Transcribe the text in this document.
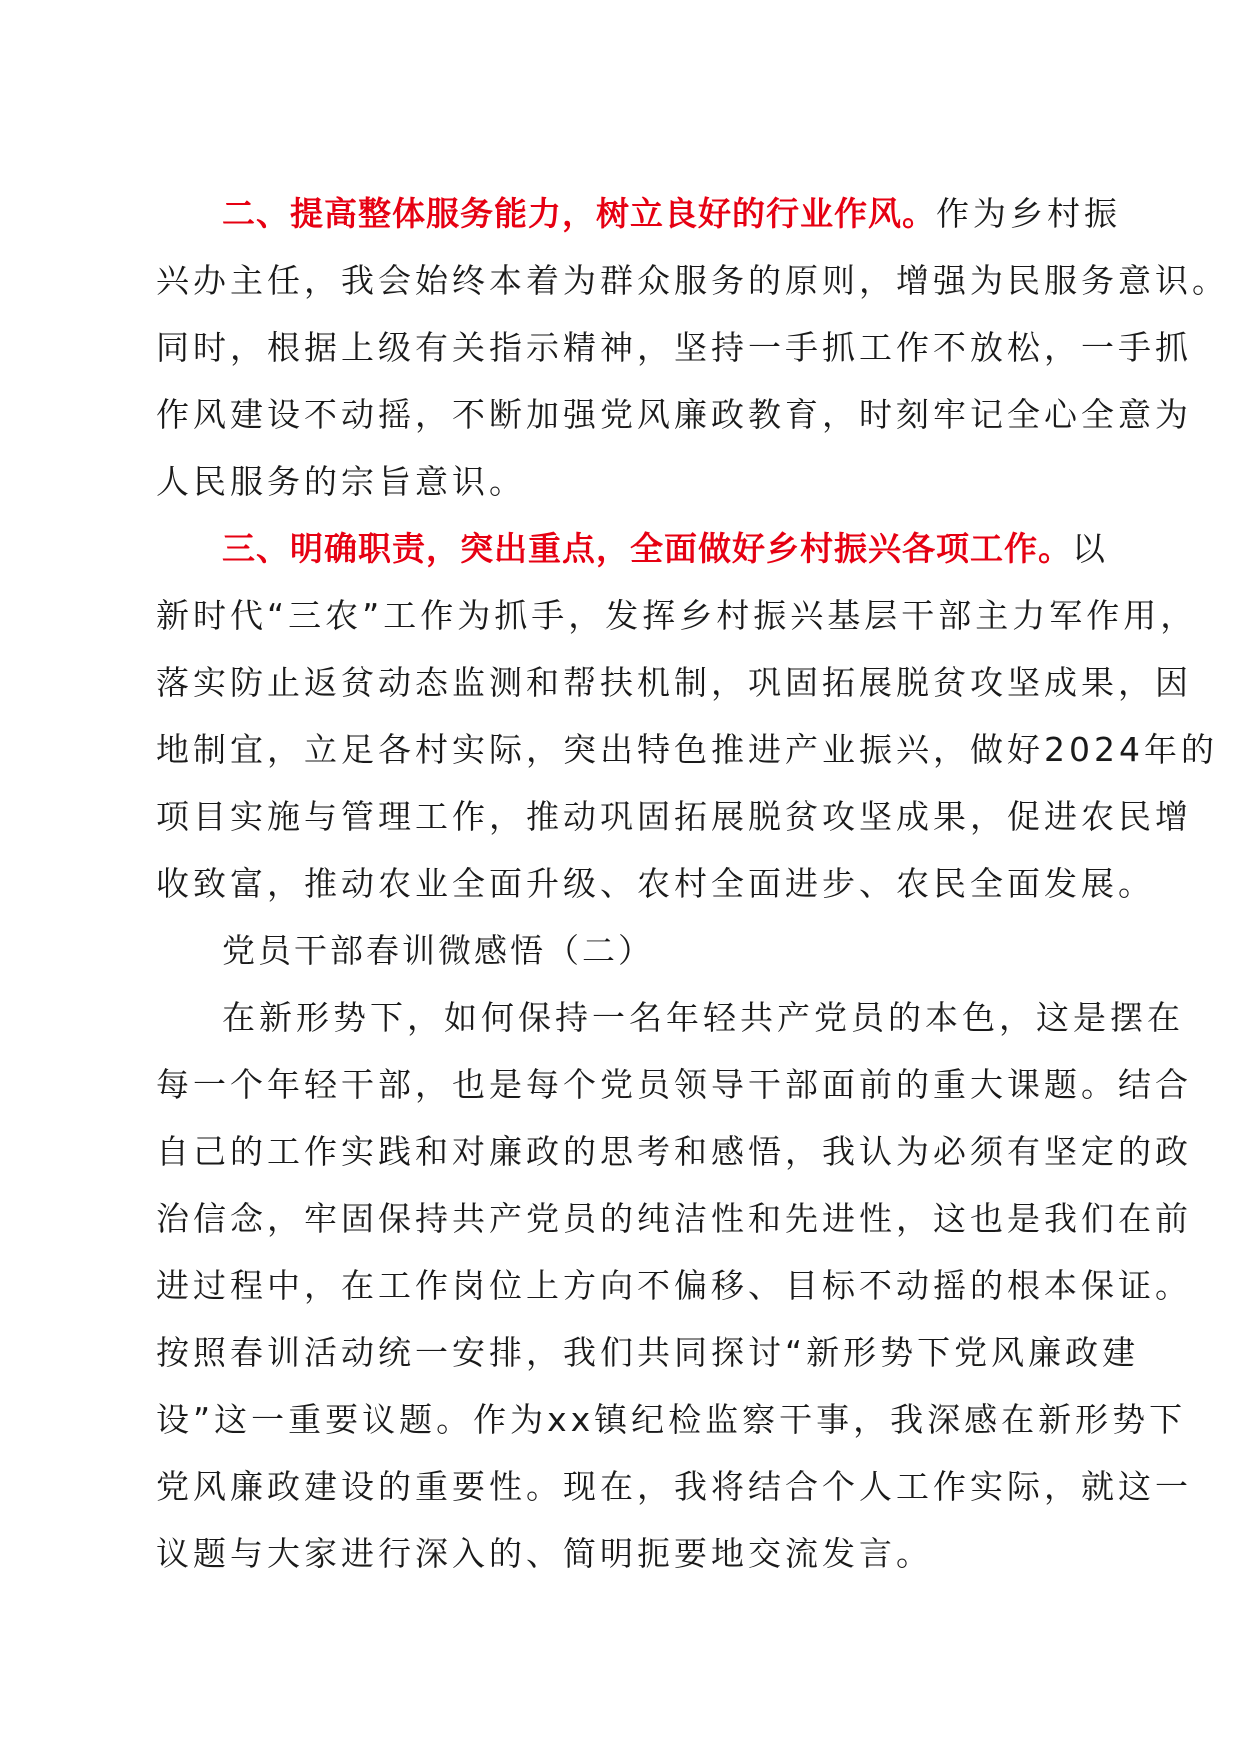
二、提高整体服务能力，树立良好的行业作风。作为乡村振
兴办主任，我会始终本着为群众服务的原则，增强为民服务意识。
同时，根据上级有关指示精神，坚持一手抓工作不放松，一手抓
作风建设不动摇，不断加强党风廉政教育，时刻牢记全心全意为
人民服务的宗旨意识。
三、明确职责，突出重点，全面做好乡村振兴各项工作。以
新时代“三农”工作为抓手，发挥乡村振兴基层干部主力军作用，
落实防止返贫动态监测和帮扶机制，巩固拓展脱贫攻坚成果，因
地制宜，立足各村实际，突出特色推进产业振兴，做好2024年的
项目实施与管理工作，推动巩固拓展脱贫攻坚成果，促进农民增
收致富，推动农业全面升级、农村全面进步、农民全面发展。
党员干部春训微感悟（二）
在新形势下，如何保持一名年轻共产党员的本色，这是摆在
每一个年轻干部，也是每个党员领导干部面前的重大课题。结合
自己的工作实践和对廉政的思考和感悟，我认为必须有坚定的政
治信念，牢固保持共产党员的纯洁性和先进性，这也是我们在前
进过程中，在工作岗位上方向不偏移、目标不动摇的根本保证。
按照春训活动统一安排，我们共同探讨“新形势下党风廉政建
设”这一重要议题。作为xx镇纪检监察干事，我深感在新形势下
党风廉政建设的重要性。现在，我将结合个人工作实际，就这一
议题与大家进行深入的、简明扼要地交流发言。
